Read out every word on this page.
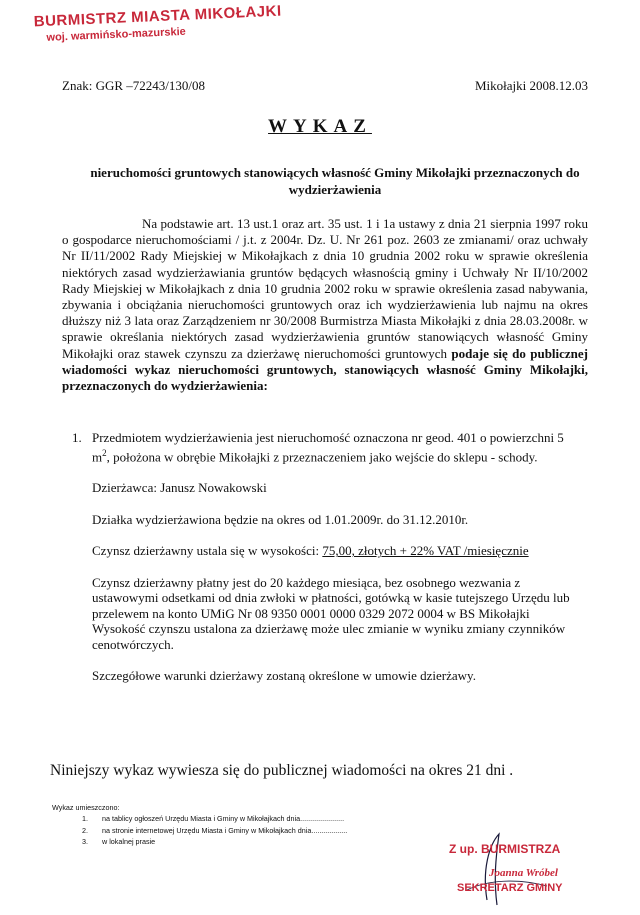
BURMISTRZ MIASTA MIKOŁAJKI
woj. warmińsko-mazurskie
Znak: GGR –72243/130/08	Mikołajki 2008.12.03
WYKAZ
nieruchomości gruntowych stanowiących własność Gminy Mikołajki przeznaczonych do wydzierżawienia
Na podstawie art. 13 ust.1 oraz art. 35 ust. 1 i 1a ustawy z dnia 21 sierpnia 1997 roku o gospodarce nieruchomościami / j.t. z 2004r. Dz. U. Nr 261 poz. 2603 ze zmianami/ oraz uchwały Nr II/11/2002 Rady Miejskiej w Mikołajkach z dnia 10 grudnia 2002 roku w sprawie określenia niektórych zasad wydzierżawiania gruntów będących własnością gminy i Uchwały Nr II/10/2002 Rady Miejskiej w Mikołajkach z dnia 10 grudnia 2002 roku w sprawie określenia zasad nabywania, zbywania i obciążania nieruchomości gruntowych oraz ich wydzierżawienia lub najmu na okres dłuższy niż 3 lata oraz Zarządzeniem nr 30/2008 Burmistrza Miasta Mikołajki z dnia 28.03.2008r. w sprawie określania niektórych zasad wydzierżawienia gruntów stanowiących własność Gminy Mikołajki oraz stawek czynszu za dzierżawę nieruchomości gruntowych podaje się do publicznej wiadomości wykaz nieruchomości gruntowych, stanowiących własność Gminy Mikołajki, przeznaczonych do wydzierżawienia:
1. Przedmiotem wydzierżawienia jest nieruchomość oznaczona nr geod. 401 o powierzchni 5 $m^2$, położona w obrębie Mikołajki z przeznaczeniem jako wejście do sklepu - schody.

Dzierżawca: Janusz Nowakowski

Działka wydzierżawiona będzie na okres od 1.01.2009r. do 31.12.2010r.

Czynsz dzierżawny ustala się w wysokości: 75,00, złotych + 22% VAT /miesięcznie

Czynsz dzierżawny płatny jest do 20 każdego miesiąca, bez osobnego wezwania z ustawowymi odsetkami od dnia zwłoki w płatności, gotówką w kasie tutejszego Urzędu lub przelewem na konto UMiG Nr 08 9350 0001 0000 0329 2072 0004 w BS Mikołajki

Wysokość czynszu ustalona za dzierżawę może ulec zmianie w wyniku zmiany czynników cenotwórczych.

Szczegółowe warunki dzierżawy zostaną określone w umowie dzierżawy.

Niniejszy wykaz wywiesza się do publicznej wiadomości na okres 21 dni .
Wykaz umieszczono:
1.	na tablicy ogłoszeń Urzędu Miasta i Gminy w Mikołajkach dnia......................
2.	na stronie internetowej Urzędu Miasta i Gminy w Mikołajkach dnia..................
3.	w lokalnej prasie
Z up. BURMISTRZA
Joanna Wróbel
SEKRETARZ GMINY
